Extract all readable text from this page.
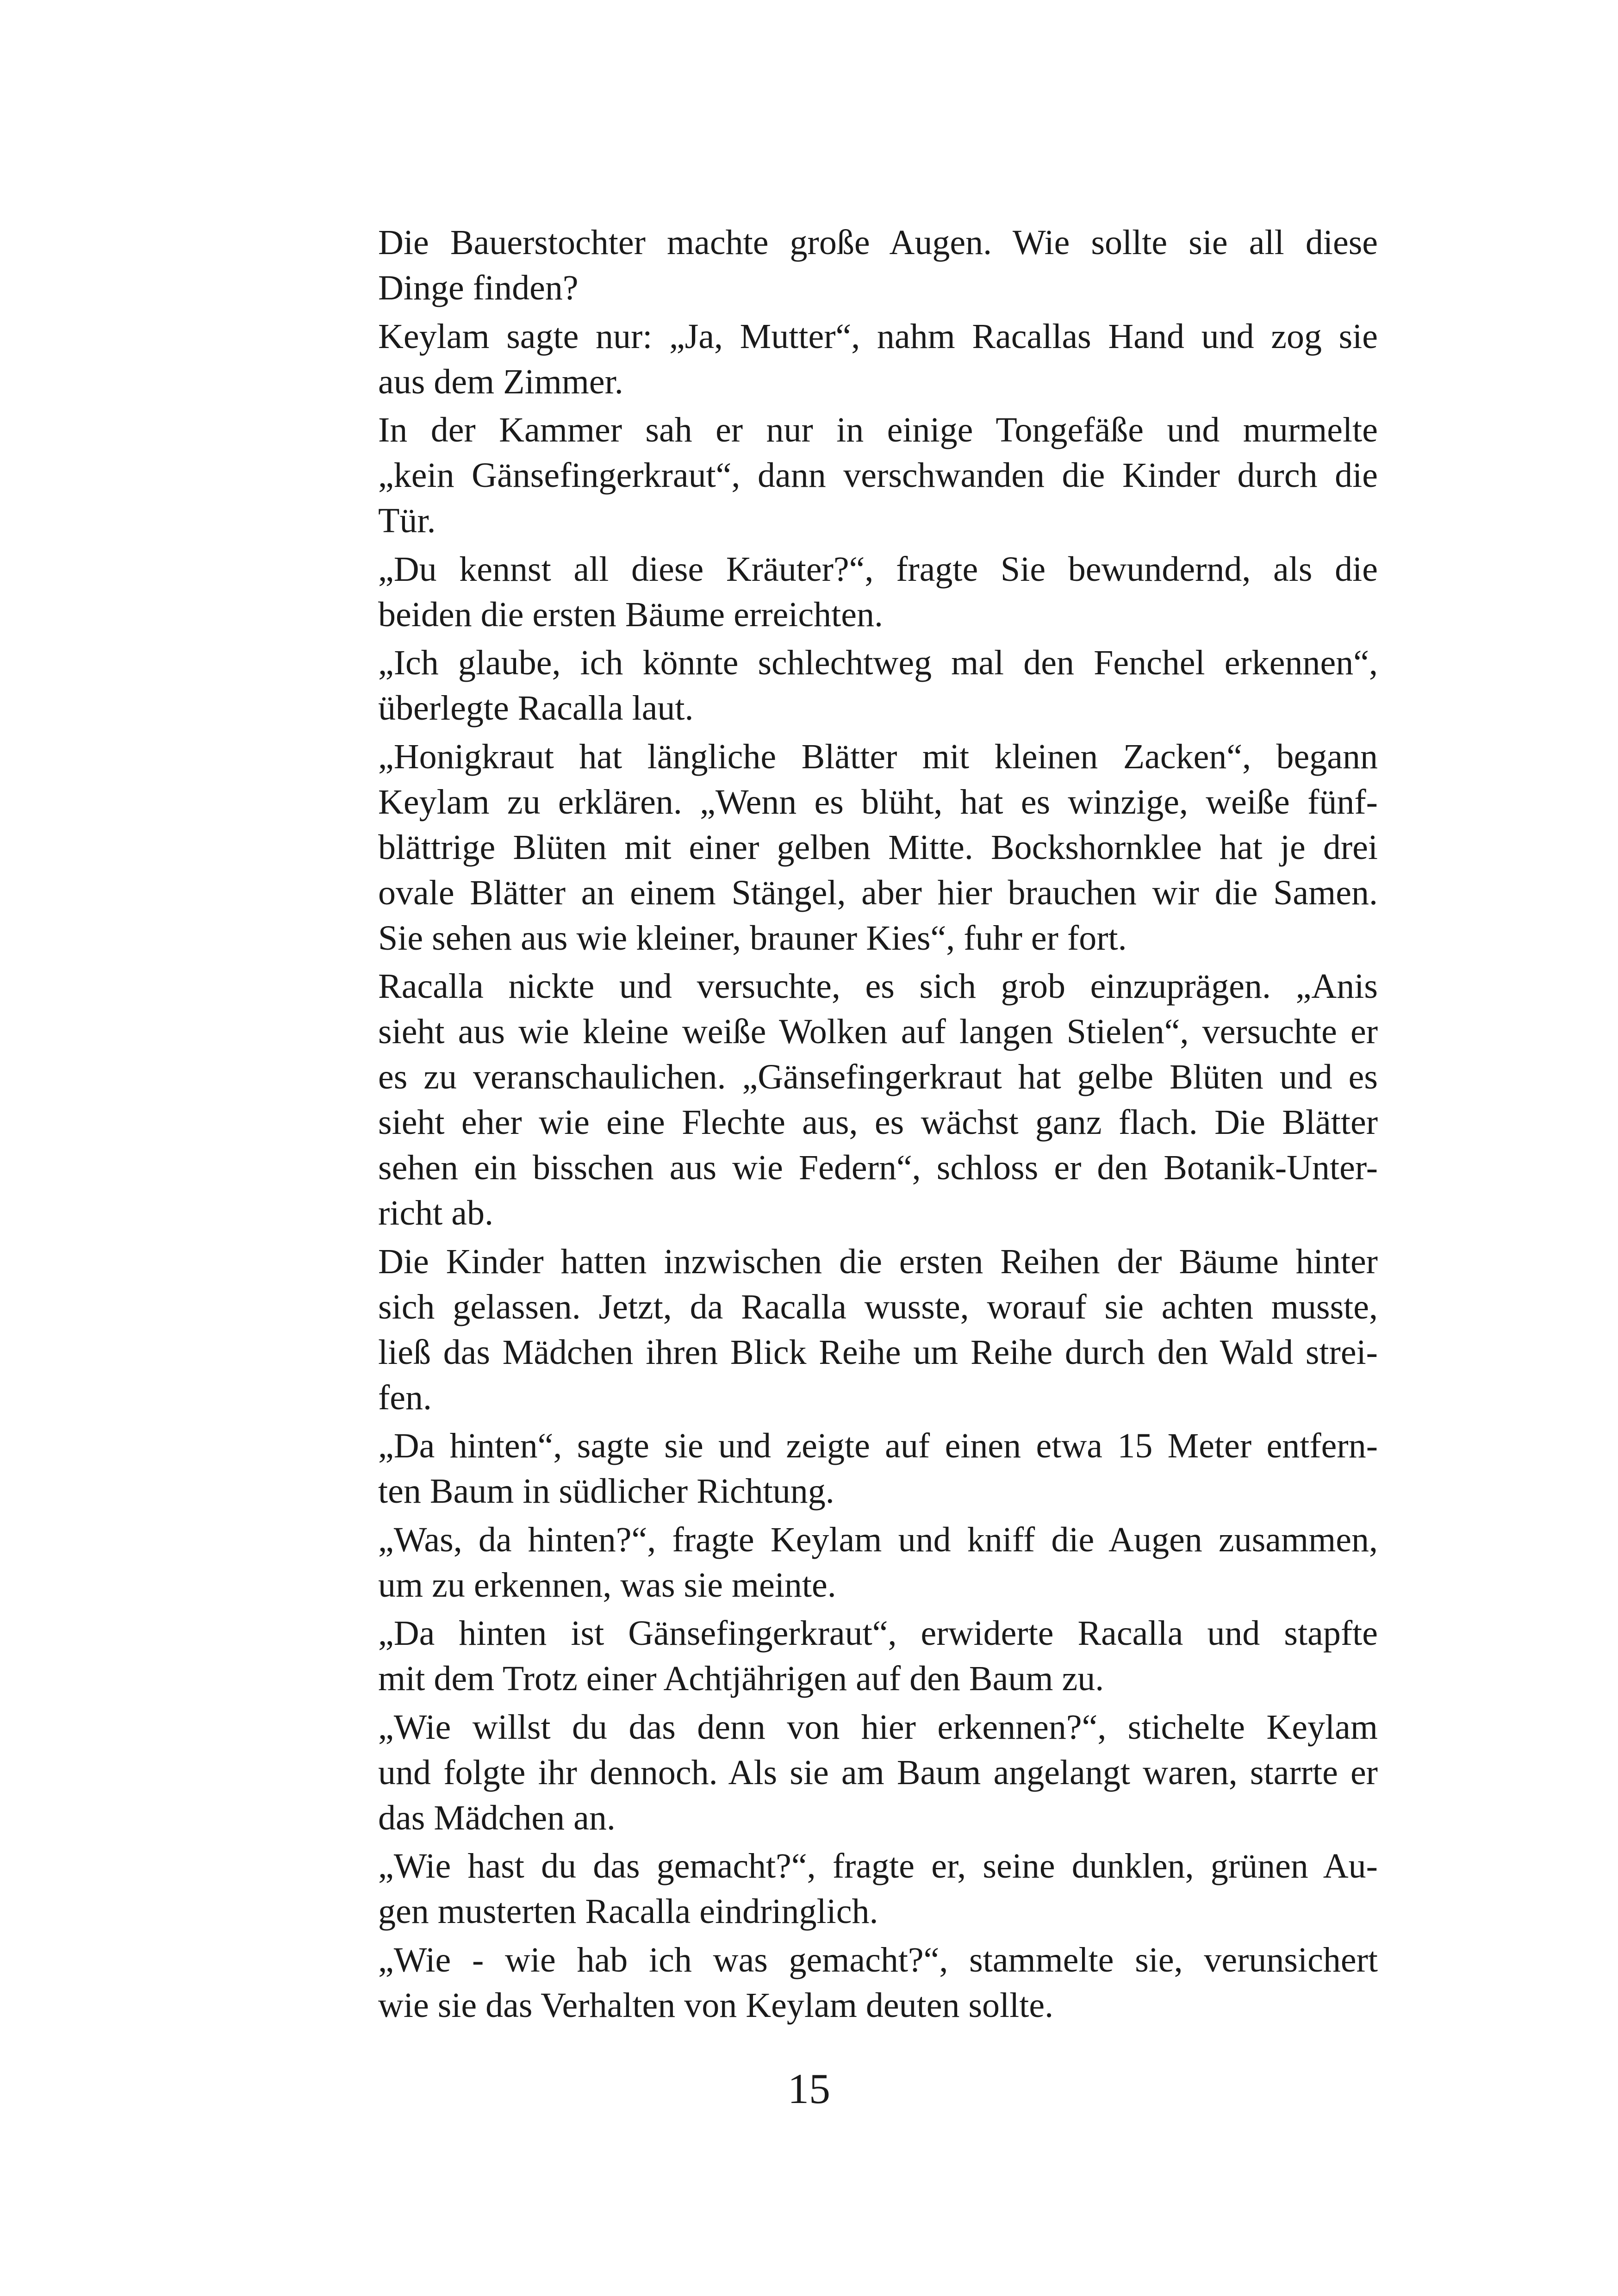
Die Bauerstochter machte große Augen. Wie sollte sie all diese
Dinge finden?
Keylam sagte nur: „Ja, Mutter“, nahm Racallas Hand und zog sie
aus dem Zimmer.
In der Kammer sah er nur in einige Tongefäße und murmelte
„kein Gänsefingerkraut“, dann verschwanden die Kinder durch die
Tür.
„Du kennst all diese Kräuter?“, fragte Sie bewundernd, als die
beiden die ersten Bäume erreichten.
„Ich glaube, ich könnte schlechtweg mal den Fenchel erkennen“,
überlegte Racalla laut.
„Honigkraut hat längliche Blätter mit kleinen Zacken“, begann
Keylam zu erklären. „Wenn es blüht, hat es winzige, weiße fünf-
blättrige Blüten mit einer gelben Mitte. Bockshornklee hat je drei
ovale Blätter an einem Stängel, aber hier brauchen wir die Samen.
Sie sehen aus wie kleiner, brauner Kies“, fuhr er fort.
Racalla nickte und versuchte, es sich grob einzuprägen. „Anis
sieht aus wie kleine weiße Wolken auf langen Stielen“, versuchte er
es zu veranschaulichen. „Gänsefingerkraut hat gelbe Blüten und es
sieht eher wie eine Flechte aus, es wächst ganz flach. Die Blätter
sehen ein bisschen aus wie Federn“, schloss er den Botanik-Unter-
richt ab.
Die Kinder hatten inzwischen die ersten Reihen der Bäume hinter
sich gelassen. Jetzt, da Racalla wusste, worauf sie achten musste,
ließ das Mädchen ihren Blick Reihe um Reihe durch den Wald strei-
fen.
„Da hinten“, sagte sie und zeigte auf einen etwa 15 Meter entfern-
ten Baum in südlicher Richtung.
„Was, da hinten?“, fragte Keylam und kniff die Augen zusammen,
um zu erkennen, was sie meinte.
„Da hinten ist Gänsefingerkraut“, erwiderte Racalla und stapfte
mit dem Trotz einer Achtjährigen auf den Baum zu.
„Wie willst du das denn von hier erkennen?“, stichelte Keylam
und folgte ihr dennoch. Als sie am Baum angelangt waren, starrte er
das Mädchen an.
„Wie hast du das gemacht?“, fragte er, seine dunklen, grünen Au-
gen musterten Racalla eindringlich.
„Wie - wie hab ich was gemacht?“, stammelte sie, verunsichert
wie sie das Verhalten von Keylam deuten sollte.
15
